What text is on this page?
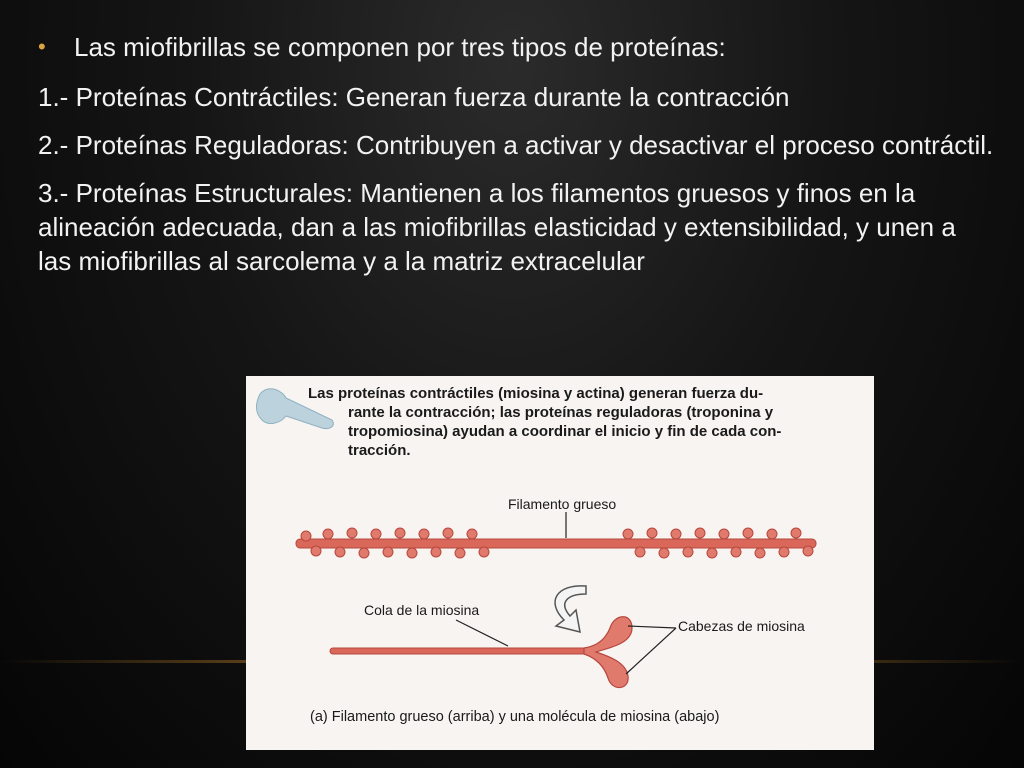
•	Las miofibrillas se componen por tres tipos de proteínas:

1.- Proteínas Contráctiles: Generan fuerza durante la contracción

2.- Proteínas Reguladoras: Contribuyen a activar y desactivar el proceso contráctil.

3.- Proteínas Estructurales: Mantienen a los filamentos gruesos y finos en la alineación adecuada, dan a las miofibrillas elasticidad y extensibilidad, y unen a las miofibrillas al sarcolema y a la matriz extracelular

Las proteínas contráctiles (miosina y actina) generan fuerza du-
rante la contracción; las proteínas reguladoras (troponina y
tropomiosina) ayudan a coordinar el inicio y fin de cada con-
tracción.

Filamento grueso

Cola de la miosina

Cabezas de miosina

(a) Filamento grueso (arriba) y una molécula de miosina (abajo)
